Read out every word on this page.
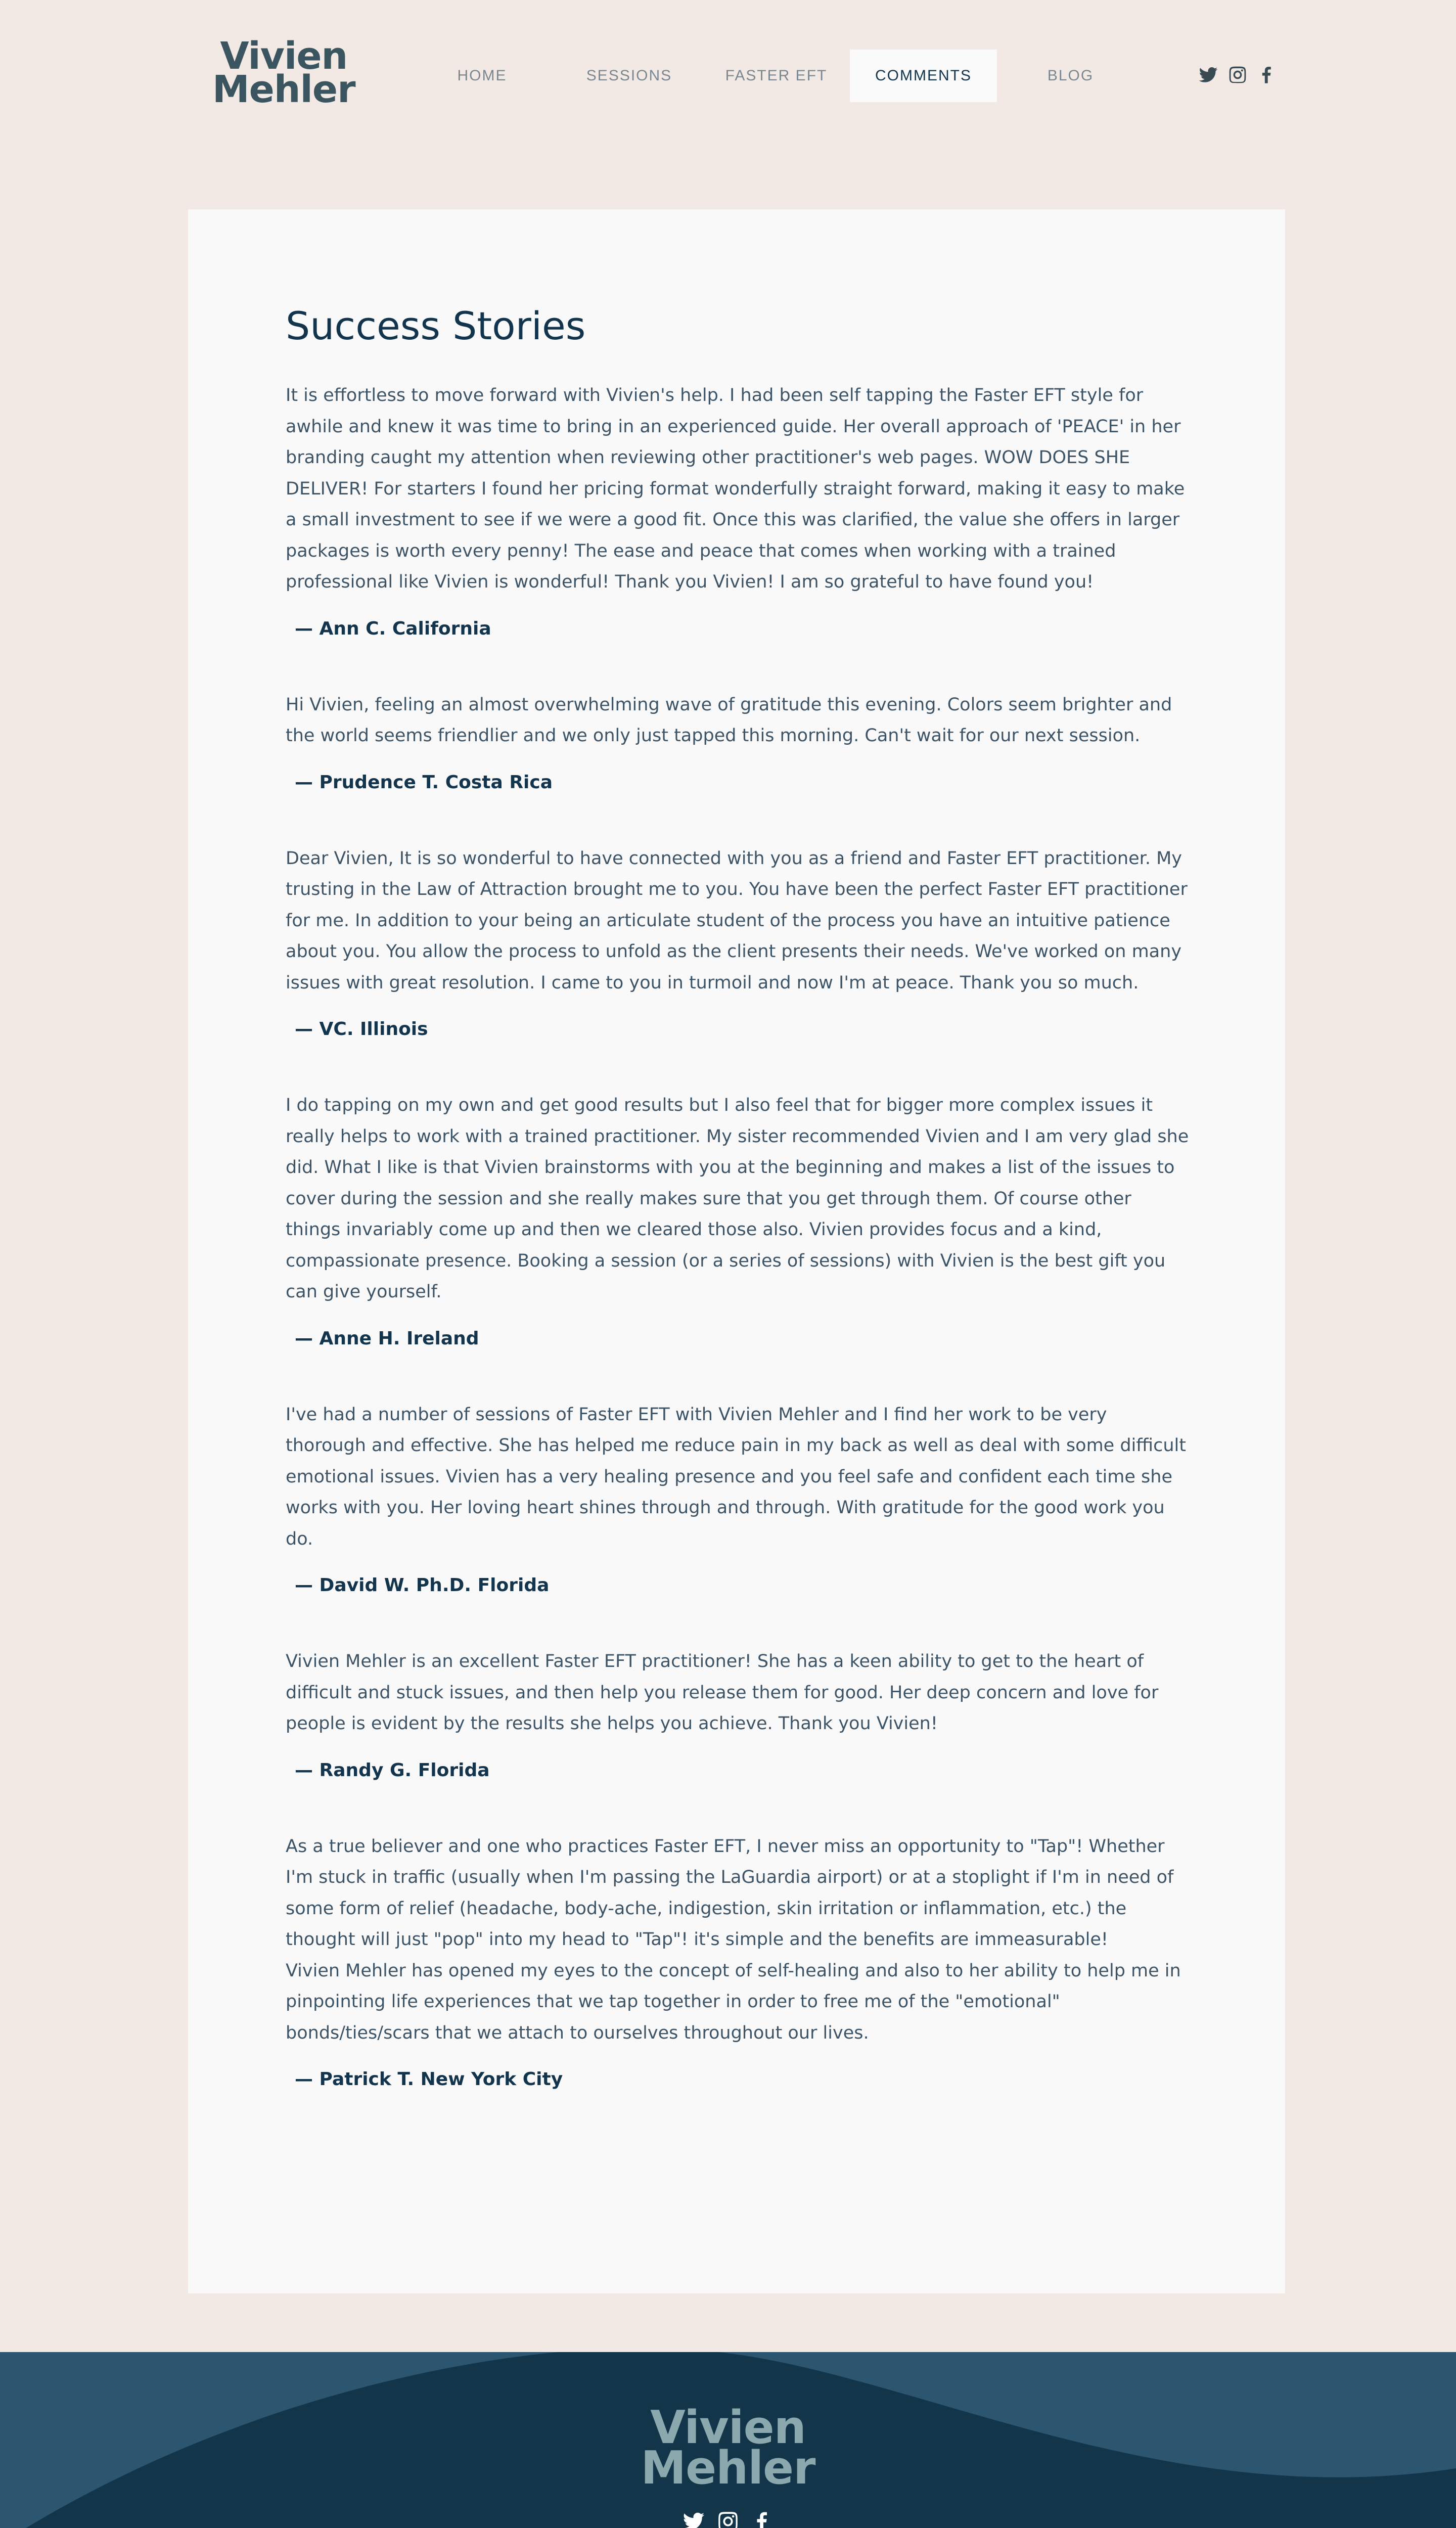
Vivien
Mehler	HOME	SESSIONS	FASTER EFT	COMMENTS	BLOG
Success Stories

It is effortless to move forward with Vivien's help. I had been self tapping the Faster EFT style for awhile and knew it was time to bring in an experienced guide. Her overall approach of 'PEACE' in her branding caught my attention when reviewing other practitioner's web pages. WOW DOES SHE DELIVER! For starters I found her pricing format wonderfully straight forward, making it easy to make a small investment to see if we were a good fit. Once this was clarified, the value she offers in larger packages is worth every penny! The ease and peace that comes when working with a trained professional like Vivien is wonderful! Thank you Vivien! I am so grateful to have found you!

— Ann C. California

Hi Vivien, feeling an almost overwhelming wave of gratitude this evening. Colors seem brighter and the world seems friendlier and we only just tapped this morning. Can't wait for our next session.

— Prudence T. Costa Rica

Dear Vivien, It is so wonderful to have connected with you as a friend and Faster EFT practitioner. My trusting in the Law of Attraction brought me to you. You have been the perfect Faster EFT practitioner for me. In addition to your being an articulate student of the process you have an intuitive patience about you. You allow the process to unfold as the client presents their needs. We've worked on many issues with great resolution. I came to you in turmoil and now I'm at peace. Thank you so much.

— VC. Illinois

I do tapping on my own and get good results but I also feel that for bigger more complex issues it really helps to work with a trained practitioner. My sister recommended Vivien and I am very glad she did. What I like is that Vivien brainstorms with you at the beginning and makes a list of the issues to cover during the session and she really makes sure that you get through them. Of course other things invariably come up and then we cleared those also. Vivien provides focus and a kind, compassionate presence. Booking a session (or a series of sessions) with Vivien is the best gift you can give yourself.

— Anne H. Ireland

I've had a number of sessions of Faster EFT with Vivien Mehler and I find her work to be very thorough and effective. She has helped me reduce pain in my back as well as deal with some difficult emotional issues. Vivien has a very healing presence and you feel safe and confident each time she works with you. Her loving heart shines through and through. With gratitude for the good work you do.

— David W. Ph.D. Florida

Vivien Mehler is an excellent Faster EFT practitioner! She has a keen ability to get to the heart of difficult and stuck issues, and then help you release them for good. Her deep concern and love for people is evident by the results she helps you achieve. Thank you Vivien!

— Randy G. Florida

As a true believer and one who practices Faster EFT, I never miss an opportunity to "Tap"! Whether I'm stuck in traffic (usually when I'm passing the LaGuardia airport) or at a stoplight if I'm in need of some form of relief (headache, body-ache, indigestion, skin irritation or inflammation, etc.) the thought will just "pop" into my head to "Tap"! it's simple and the benefits are immeasurable!
Vivien Mehler has opened my eyes to the concept of self-healing and also to her ability to help me in pinpointing life experiences that we tap together in order to free me of the "emotional" bonds/ties/scars that we attach to ourselves throughout our lives.

— Patrick T. New York City
Vivien
Mehler
